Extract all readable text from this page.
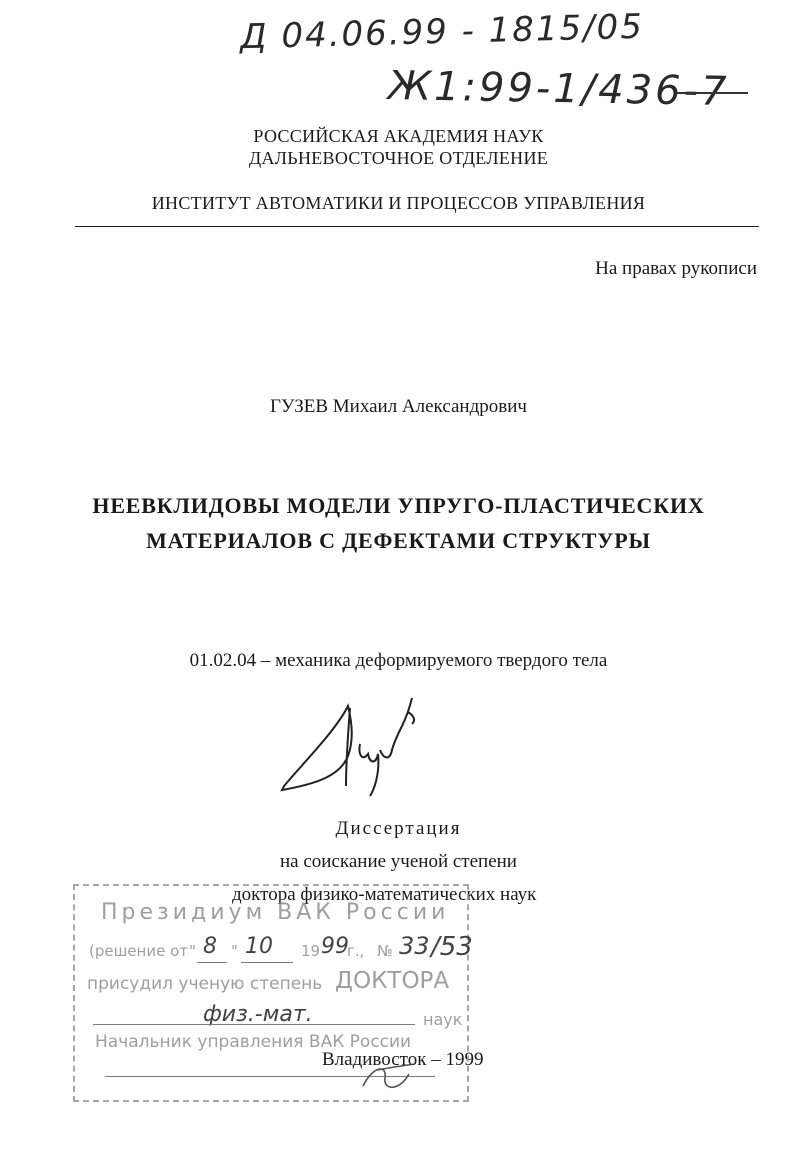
Д 04.06.99 - 1815/05
Ж1:99-1/436-7
РОССИЙСКАЯ АКАДЕМИЯ НАУК
ДАЛЬНЕВОСТОЧНОЕ ОТДЕЛЕНИЕ
ИНСТИТУТ АВТОМАТИКИ И ПРОЦЕССОВ УПРАВЛЕНИЯ
На правах рукописи
ГУЗЕВ Михаил Александрович
НЕЕВКЛИДОВЫ МОДЕЛИ УПРУГО-ПЛАСТИЧЕСКИХ
МАТЕРИАЛОВ С ДЕФЕКТАМИ СТРУКТУРЫ
01.02.04 – механика деформируемого твердого тела
Диссертация
на соискание ученой степени
доктора физико-математических наук
Владивосток – 1999
Президиум ВАК России
(решение от " 8 " 10 19 99
г., № 33 /53
присудил ученую степень ДОКТОРА
физ.-мат.	наук
Начальник управления ВАК России
